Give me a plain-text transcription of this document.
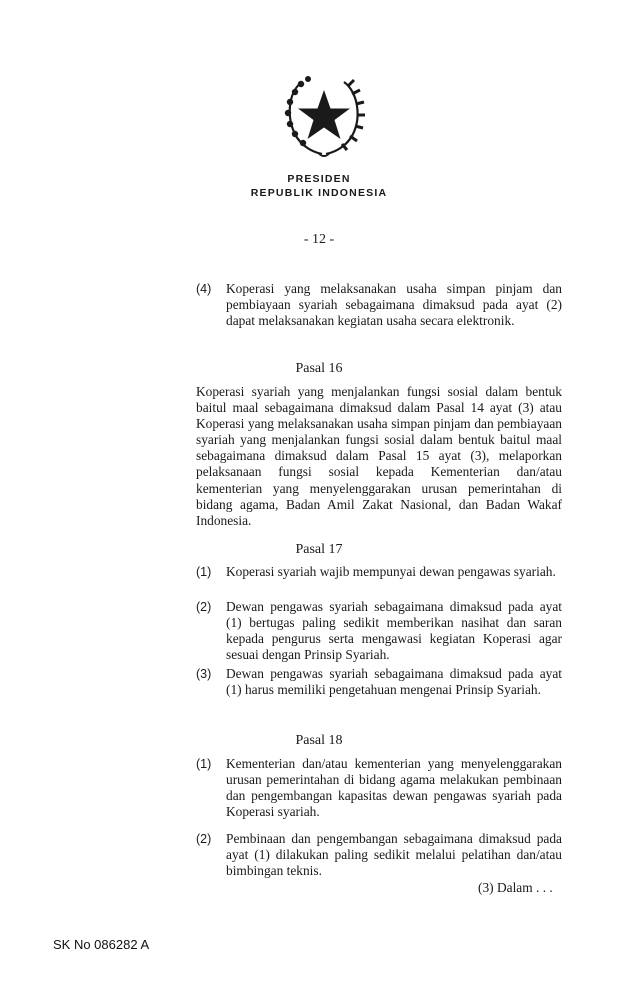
PRESIDEN
REPUBLIK INDONESIA
- 12 -
(4) Koperasi yang melaksanakan usaha simpan pinjam dan pembiayaan syariah sebagaimana dimaksud pada ayat (2) dapat melaksanakan kegiatan usaha secara elektronik.
Pasal 16
Koperasi syariah yang menjalankan fungsi sosial dalam bentuk baitul maal sebagaimana dimaksud dalam Pasal 14 ayat (3) atau Koperasi yang melaksanakan usaha simpan pinjam dan pembiayaan syariah yang menjalankan fungsi sosial dalam bentuk baitul maal sebagaimana dimaksud dalam Pasal 15 ayat (3), melaporkan pelaksanaan fungsi sosial kepada Kementerian dan/atau kementerian yang menyelenggarakan urusan pemerintahan di bidang agama, Badan Amil Zakat Nasional, dan Badan Wakaf Indonesia.
Pasal 17
(1) Koperasi syariah wajib mempunyai dewan pengawas syariah.
(2) Dewan pengawas syariah sebagaimana dimaksud pada ayat (1) bertugas paling sedikit memberikan nasihat dan saran kepada pengurus serta mengawasi kegiatan Koperasi agar sesuai dengan Prinsip Syariah.
(3) Dewan pengawas syariah sebagaimana dimaksud pada ayat (1) harus memiliki pengetahuan mengenai Prinsip Syariah.
Pasal 18
(1) Kementerian dan/atau kementerian yang menyelenggarakan urusan pemerintahan di bidang agama melakukan pembinaan dan pengembangan kapasitas dewan pengawas syariah pada Koperasi syariah.
(2) Pembinaan dan pengembangan sebagaimana dimaksud pada ayat (1) dilakukan paling sedikit melalui pelatihan dan/atau bimbingan teknis.
(3) Dalam . . .
SK No 086282 A
